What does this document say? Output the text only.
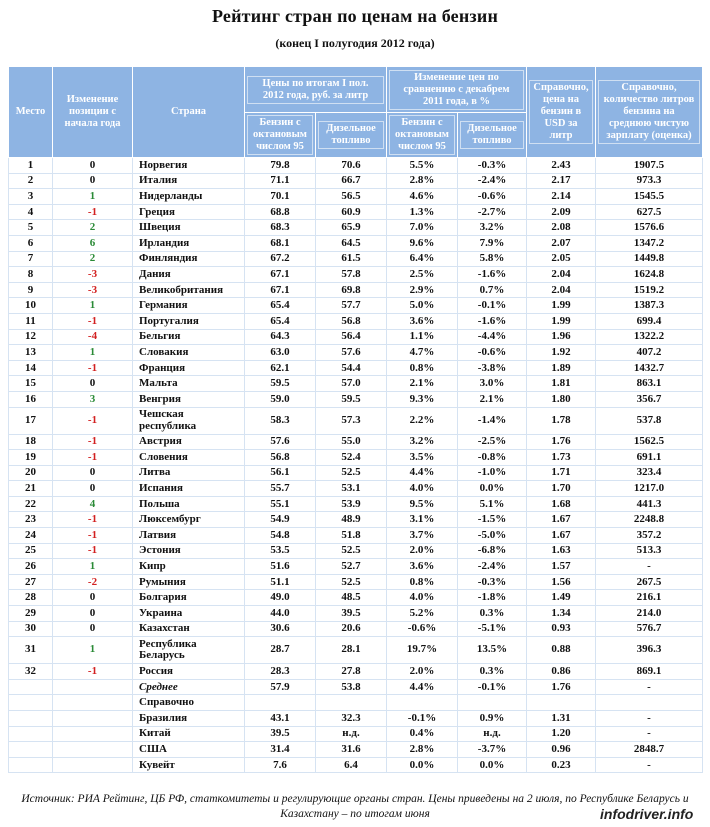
Рейтинг стран по ценам на бензин
(конец I полугодия 2012 года)
Место	Изменение позиции с начала года	Страна	Цены по итогам I пол. 2012 года, руб. за литр		Изменение цен по сравнению с декабрем 2011 года, в %		Справочно, цена на бензин в USD за литр	Справочно, количество литров бензина на среднюю чистую зарплату (оценка)
			Бензин с октановым числом 95	Дизельное топливо	Бензин с октановым числом 95	Дизельное топливо		
1	0	Норвегия	79.8	70.6	5.5%	-0.3%	2.43	1907.5
2	0	Италия	71.1	66.7	2.8%	-2.4%	2.17	973.3
3	1	Нидерланды	70.1	56.5	4.6%	-0.6%	2.14	1545.5
4	-1	Греция	68.8	60.9	1.3%	-2.7%	2.09	627.5
5	2	Швеция	68.3	65.9	7.0%	3.2%	2.08	1576.6
6	6	Ирландия	68.1	64.5	9.6%	7.9%	2.07	1347.2
7	2	Финляндия	67.2	61.5	6.4%	5.8%	2.05	1449.8
8	-3	Дания	67.1	57.8	2.5%	-1.6%	2.04	1624.8
9	-3	Великобритания	67.1	69.8	2.9%	0.7%	2.04	1519.2
10	1	Германия	65.4	57.7	5.0%	-0.1%	1.99	1387.3
11	-1	Португалия	65.4	56.8	3.6%	-1.6%	1.99	699.4
12	-4	Бельгия	64.3	56.4	1.1%	-4.4%	1.96	1322.2
13	1	Словакия	63.0	57.6	4.7%	-0.6%	1.92	407.2
14	-1	Франция	62.1	54.4	0.8%	-3.8%	1.89	1432.7
15	0	Мальта	59.5	57.0	2.1%	3.0%	1.81	863.1
16	3	Венгрия	59.0	59.5	9.3%	2.1%	1.80	356.7
17	-1	Чешская республика	58.3	57.3	2.2%	-1.4%	1.78	537.8
18	-1	Австрия	57.6	55.0	3.2%	-2.5%	1.76	1562.5
19	-1	Словения	56.8	52.4	3.5%	-0.8%	1.73	691.1
20	0	Литва	56.1	52.5	4.4%	-1.0%	1.71	323.4
21	0	Испания	55.7	53.1	4.0%	0.0%	1.70	1217.0
22	4	Польша	55.1	53.9	9.5%	5.1%	1.68	441.3
23	-1	Люксембург	54.9	48.9	3.1%	-1.5%	1.67	2248.8
24	-1	Латвия	54.8	51.8	3.7%	-5.0%	1.67	357.2
25	-1	Эстония	53.5	52.5	2.0%	-6.8%	1.63	513.3
26	1	Кипр	51.6	52.7	3.6%	-2.4%	1.57	-
27	-2	Румыния	51.1	52.5	0.8%	-0.3%	1.56	267.5
28	0	Болгария	49.0	48.5	4.0%	-1.8%	1.49	216.1
29	0	Украина	44.0	39.5	5.2%	0.3%	1.34	214.0
30	0	Казахстан	30.6	20.6	-0.6%	-5.1%	0.93	576.7
31	1	Республика Беларусь	28.7	28.1	19.7%	13.5%	0.88	396.3
32	-1	Россия	28.3	27.8	2.0%	0.3%	0.86	869.1
		Среднее	57.9	53.8	4.4%	-0.1%	1.76	-
		Справочно						
		Бразилия	43.1	32.3	-0.1%	0.9%	1.31	-
		Китай	39.5	н.д.	0.4%	н.д.	1.20	-
		США	31.4	31.6	2.8%	-3.7%	0.96	2848.7
		Кувейт	7.6	6.4	0.0%	0.0%	0.23	-
Источник: РИА Рейтинг, ЦБ РФ, статкомитеты и регулирующие органы стран. Цены приведены на 2 июля, по Республике Беларусь и Казахстану – по итогам июня	infodriver.info
